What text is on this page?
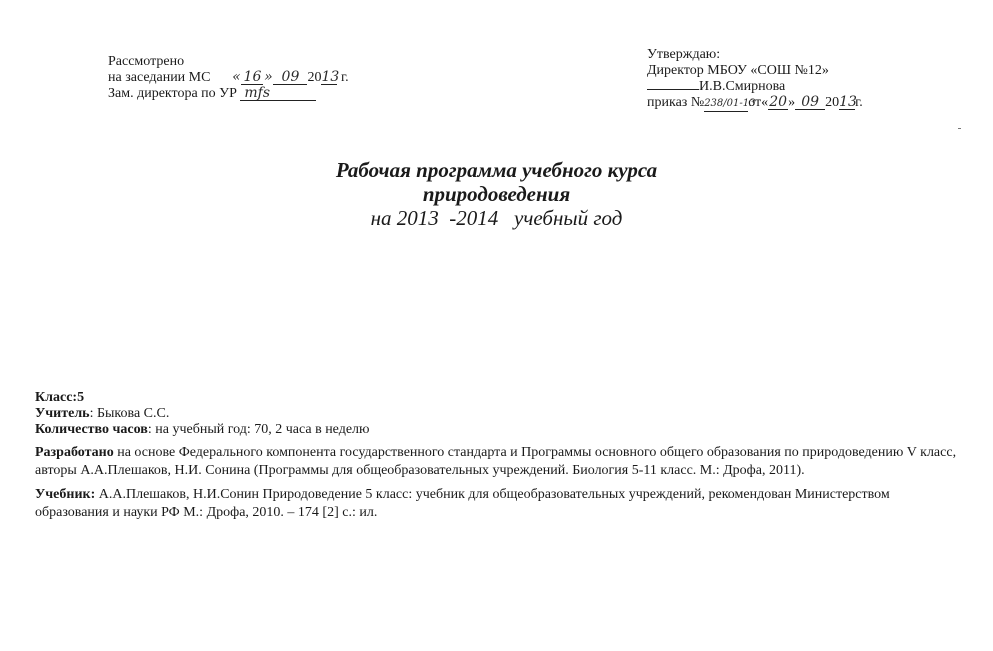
Рассмотрено
на заседании МС « 16 » 09 2013 г.
Зам. директора по УР mfs
Утверждаю:
Директор МБОУ «СОШ №12»
И.В.Смирнова
приказ №238/01-13от«20» 09 2013г.
Рабочая программа учебного курса
природоведения
на 2013  -2014   учебный год
Класс:5
Учитель: Быкова С.С.
Количество часов: на учебный год: 70, 2 часа в неделю
Разработано на основе Федерального компонента государственного стандарта и Программы основного общего образования по природоведению V класс, авторы А.А.Плешаков, Н.И. Сонина (Программы для общеобразовательных учреждений. Биология 5-11 класс. М.: Дрофа, 2011).
Учебник: А.А.Плешаков, Н.И.Сонин Природоведение 5 класс: учебник для общеобразовательных учреждений, рекомендован Министерством образования и науки РФ М.: Дрофа, 2010. – 174 [2] с.: ил.
